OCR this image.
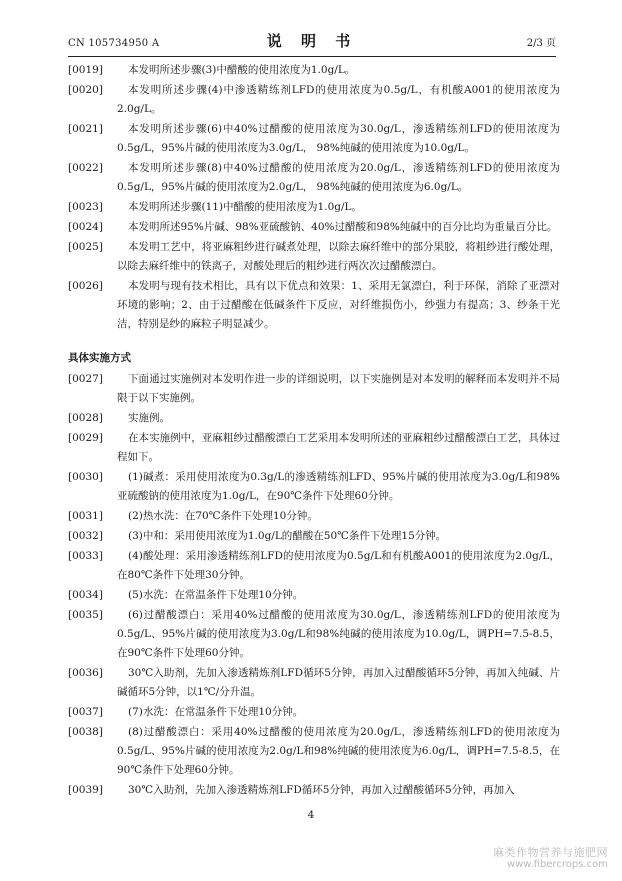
CN 105734950 A	说 明 书	2/3 页
[0019] 本发明所述步骤(3)中醋酸的使用浓度为1.0g/L。
[0020] 本发明所述步骤(4)中渗透精练剂LFD的使用浓度为0.5g/L，有机酸A001的使用浓度为2.0g/L。
[0021] 本发明所述步骤(6)中40%过醋酸的使用浓度为30.0g/L，渗透精练剂LFD的使用浓度为0.5g/L，95%片碱的使用浓度为3.0g/L， 98%纯碱的使用浓度为10.0g/L。
[0022] 本发明所述步骤(8)中40%过醋酸的使用浓度为20.0g/L，渗透精练剂LFD的使用浓度为0.5g/L，95%片碱的使用浓度为2.0g/L， 98%纯碱的使用浓度为6.0g/L。
[0023] 本发明所述步骤(11)中醋酸的使用浓度为1.0g/L。
[0024] 本发明所述95%片碱、98%亚硫酸钠、40%过醋酸和98%纯碱中的百分比均为重量百分比。
[0025] 本发明工艺中，将亚麻粗纱进行碱煮处理，以除去麻纤维中的部分果胶，将粗纱进行酸处理，以除去麻纤维中的铁离子，对酸处理后的粗纱进行两次次过醋酸漂白。
[0026] 本发明与现有技术相比，具有以下优点和效果：1、采用无氯漂白，利于环保，消除了亚漂对环境的影响；2、由于过醋酸在低碱条件下反应，对纤维损伤小，纱强力有提高；3、纱条干光洁，特别是纱的麻粒子明显减少。
具体实施方式
[0027] 下面通过实施例对本发明作进一步的详细说明，以下实施例是对本发明的解释而本发明并不局限于以下实施例。
[0028] 实施例。
[0029] 在本实施例中，亚麻粗纱过醋酸漂白工艺采用本发明所述的亚麻粗纱过醋酸漂白工艺，具体过程如下。
[0030] (1)碱煮：采用使用浓度为0.3g/L的渗透精练剂LFD、95%片碱的使用浓度为3.0g/L和98%亚硫酸钠的使用浓度为1.0g/L，在90℃条件下处理60分钟。
[0031] (2)热水洗：在70℃条件下处理10分钟。
[0032] (3)中和：采用使用浓度为1.0g/L的醋酸在50℃条件下处理15分钟。
[0033] (4)酸处理：采用渗透精练剂LFD的使用浓度为0.5g/L和有机酸A001的使用浓度为2.0g/L，在80℃条件下处理30分钟。
[0034] (5)水洗：在常温条件下处理10分钟。
[0035] (6)过醋酸漂白：采用40%过醋酸的使用浓度为30.0g/L，渗透精练剂LFD的使用浓度为0.5g/L、95%片碱的使用浓度为3.0g/L和98%纯碱的使用浓度为10.0g/L，调PH=7.5-8.5，在90℃条件下处理60分钟。
[0036] 30℃入助剂，先加入渗透精炼剂LFD循环5分钟，再加入过醋酸循环5分钟，再加入纯碱、片碱循环5分钟，以1℃/分升温。
[0037] (7)水洗：在常温条件下处理10分钟。
[0038] (8)过醋酸漂白：采用40%过醋酸的使用浓度为20.0g/L，渗透精练剂LFD的使用浓度为0.5g/L、95%片碱的使用浓度为2.0g/L和98%纯碱的使用浓度为6.0g/L，调PH=7.5-8.5，在90℃条件下处理60分钟。
[0039] 30℃入助剂，先加入渗透精炼剂LFD循环5分钟，再加入过醋酸循环5分钟，再加入
4
麻类作物营养与施肥网
www.fibercrops.com
